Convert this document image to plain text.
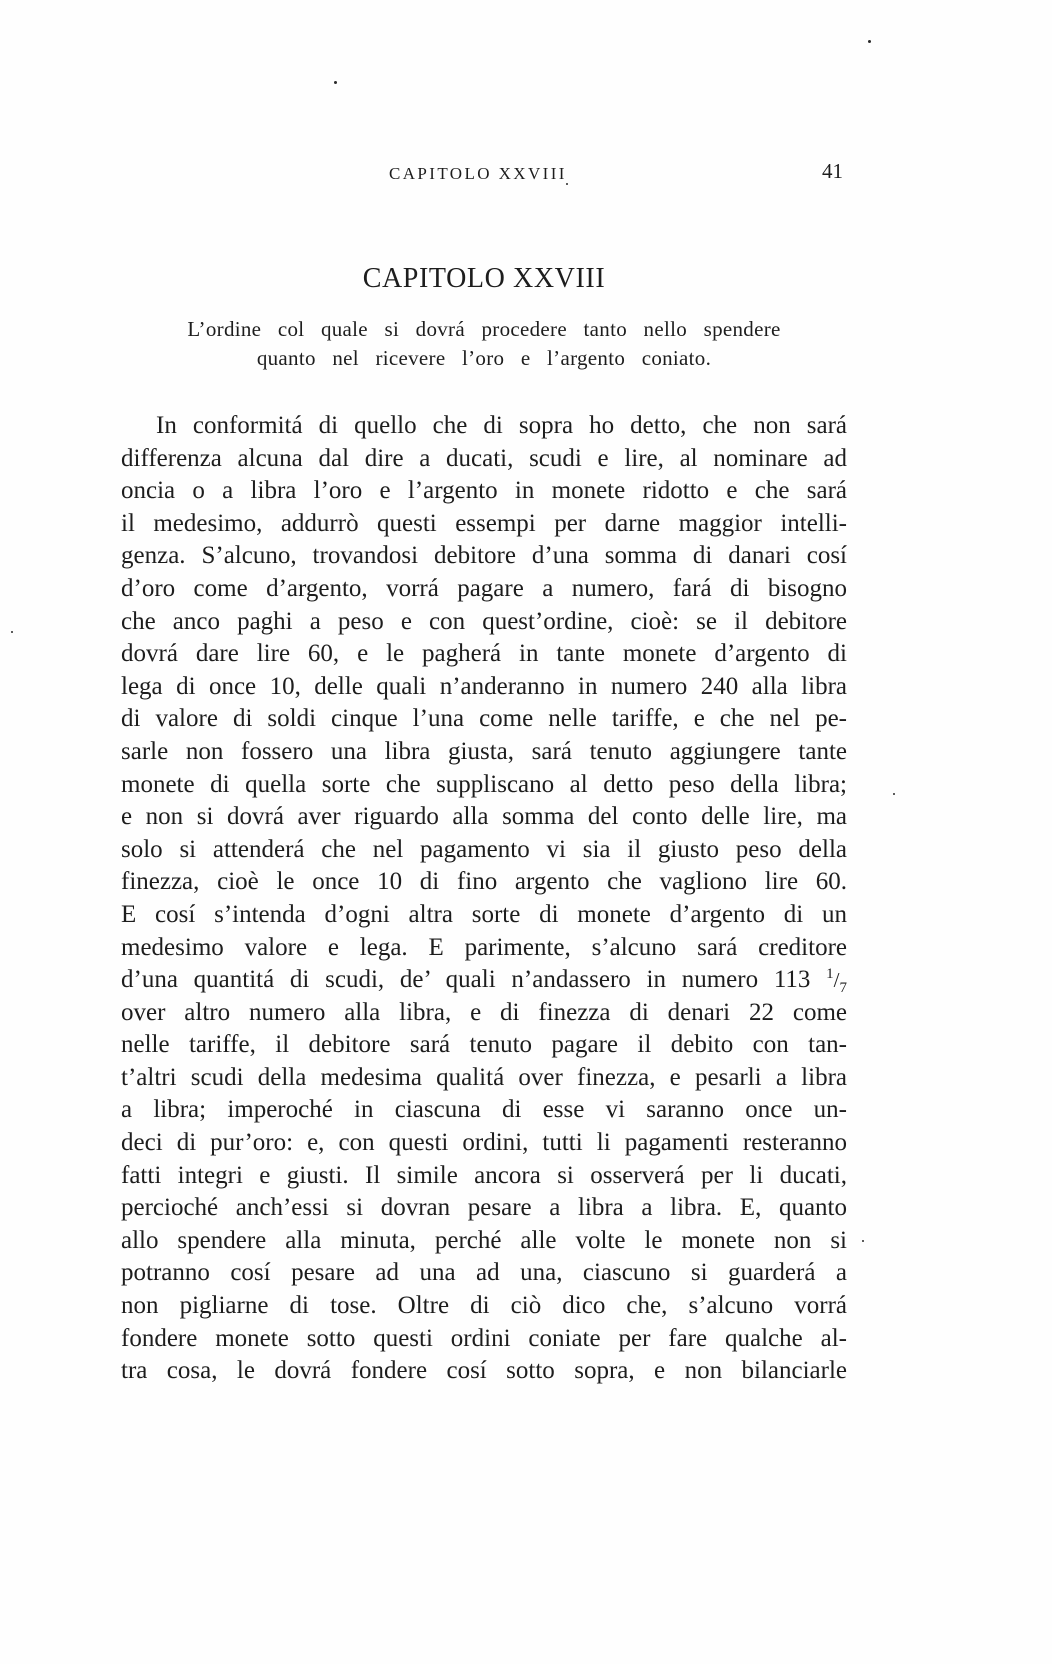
CAPITOLO XXVIII	41
CAPITOLO XXVIII
L’ordine col quale si dovrá procedere tanto nello spendere
quanto nel ricevere l’oro e l’argento coniato.
In conformitá di quello che di sopra ho detto, che non sará
differenza alcuna dal dire a ducati, scudi e lire, al nominare ad
oncia o a libra l’oro e l’argento in monete ridotto e che sará
il medesimo, addurrò questi essempi per darne maggior intelli-
genza. S’alcuno, trovandosi debitore d’una somma di danari cosí
d’oro come d’argento, vorrá pagare a numero, fará di bisogno
che anco paghi a peso e con quest’ordine, cioè: se il debitore
dovrá dare lire 60, e le pagherá in tante monete d’argento di
lega di once 10, delle quali n’anderanno in numero 240 alla libra
di valore di soldi cinque l’una come nelle tariffe, e che nel pe-
sarle non fossero una libra giusta, sará tenuto aggiungere tante
monete di quella sorte che suppliscano al detto peso della libra;
e non si dovrá aver riguardo alla somma del conto delle lire, ma
solo si attenderá che nel pagamento vi sia il giusto peso della
finezza, cioè le once 10 di fino argento che vagliono lire 60.
E cosí s’intenda d’ogni altra sorte di monete d’argento di un
medesimo valore e lega. E parimente, s’alcuno sará creditore
d’una quantitá di scudi, de’ quali n’andassero in numero 113 $^1/_7$
over altro numero alla libra, e di finezza di denari 22 come
nelle tariffe, il debitore sará tenuto pagare il debito con tan-
t’altri scudi della medesima qualitá over finezza, e pesarli a libra
a libra; imperoché in ciascuna di esse vi saranno once un-
deci di pur’oro: e, con questi ordini, tutti li pagamenti resteranno
fatti integri e giusti. Il simile ancora si osserverá per li ducati,
percioché anch’essi si dovran pesare a libra a libra. E, quanto
allo spendere alla minuta, perché alle volte le monete non si
potranno cosí pesare ad una ad una, ciascuno si guarderá a
non pigliarne di tose. Oltre di ciò dico che, s’alcuno vorrá
fondere monete sotto questi ordini coniate per fare qualche al-
tra cosa, le dovrá fondere cosí sotto sopra, e non bilanciarle
